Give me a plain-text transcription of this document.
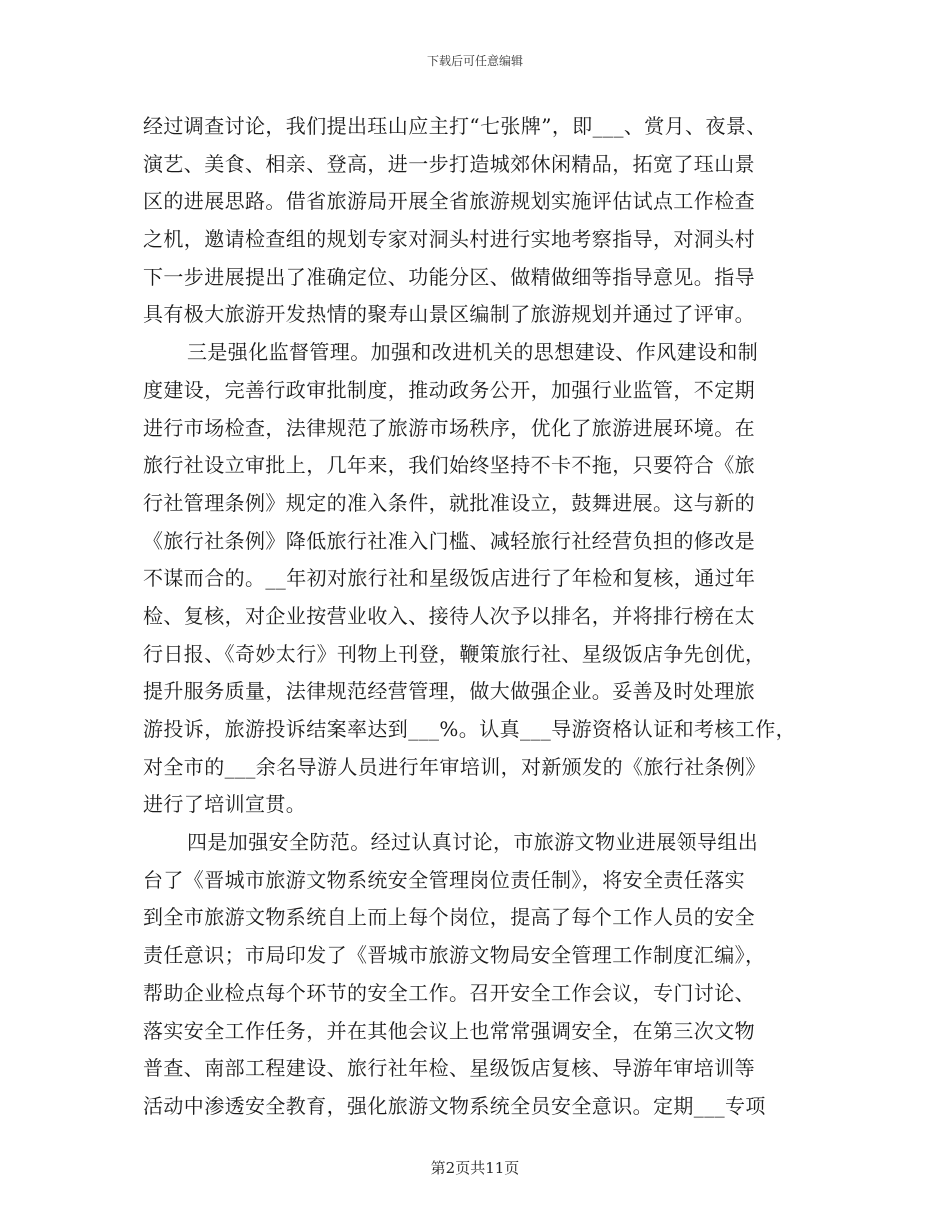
下载后可任意编辑
经过调查讨论，我们提出珏山应主打“七张牌”，即___、赏月、夜景、
演艺、美食、相亲、登高，进一步打造城郊休闲精品，拓宽了珏山景
区的进展思路。借省旅游局开展全省旅游规划实施评估试点工作检查
之机，邀请检查组的规划专家对洞头村进行实地考察指导，对洞头村
下一步进展提出了准确定位、功能分区、做精做细等指导意见。指导
具有极大旅游开发热情的聚寿山景区编制了旅游规划并通过了评审。
三是强化监督管理。加强和改进机关的思想建设、作风建设和制
度建设，完善行政审批制度，推动政务公开，加强行业监管，不定期
进行市场检查，法律规范了旅游市场秩序，优化了旅游进展环境。在
旅行社设立审批上，几年来，我们始终坚持不卡不拖，只要符合《旅
行社管理条例》规定的准入条件，就批准设立，鼓舞进展。这与新的
《旅行社条例》降低旅行社准入门槛、减轻旅行社经营负担的修改是
不谋而合的。__年初对旅行社和星级饭店进行了年检和复核，通过年
检、复核，对企业按营业收入、接待人次予以排名，并将排行榜在太
行日报、《奇妙太行》刊物上刊登，鞭策旅行社、星级饭店争先创优，
提升服务质量，法律规范经营管理，做大做强企业。妥善及时处理旅
游投诉，旅游投诉结案率达到___%。认真___导游资格认证和考核工作，
对全市的___余名导游人员进行年审培训，对新颁发的《旅行社条例》
进行了培训宣贯。
四是加强安全防范。经过认真讨论，市旅游文物业进展领导组出
台了《晋城市旅游文物系统安全管理岗位责任制》，将安全责任落实
到全市旅游文物系统自上而上每个岗位，提高了每个工作人员的安全
责任意识；市局印发了《晋城市旅游文物局安全管理工作制度汇编》，
帮助企业检点每个环节的安全工作。召开安全工作会议，专门讨论、
落实安全工作任务，并在其他会议上也常常强调安全，在第三次文物
普查、南部工程建设、旅行社年检、星级饭店复核、导游年审培训等
活动中渗透安全教育，强化旅游文物系统全员安全意识。定期___专项
第2页共11页
